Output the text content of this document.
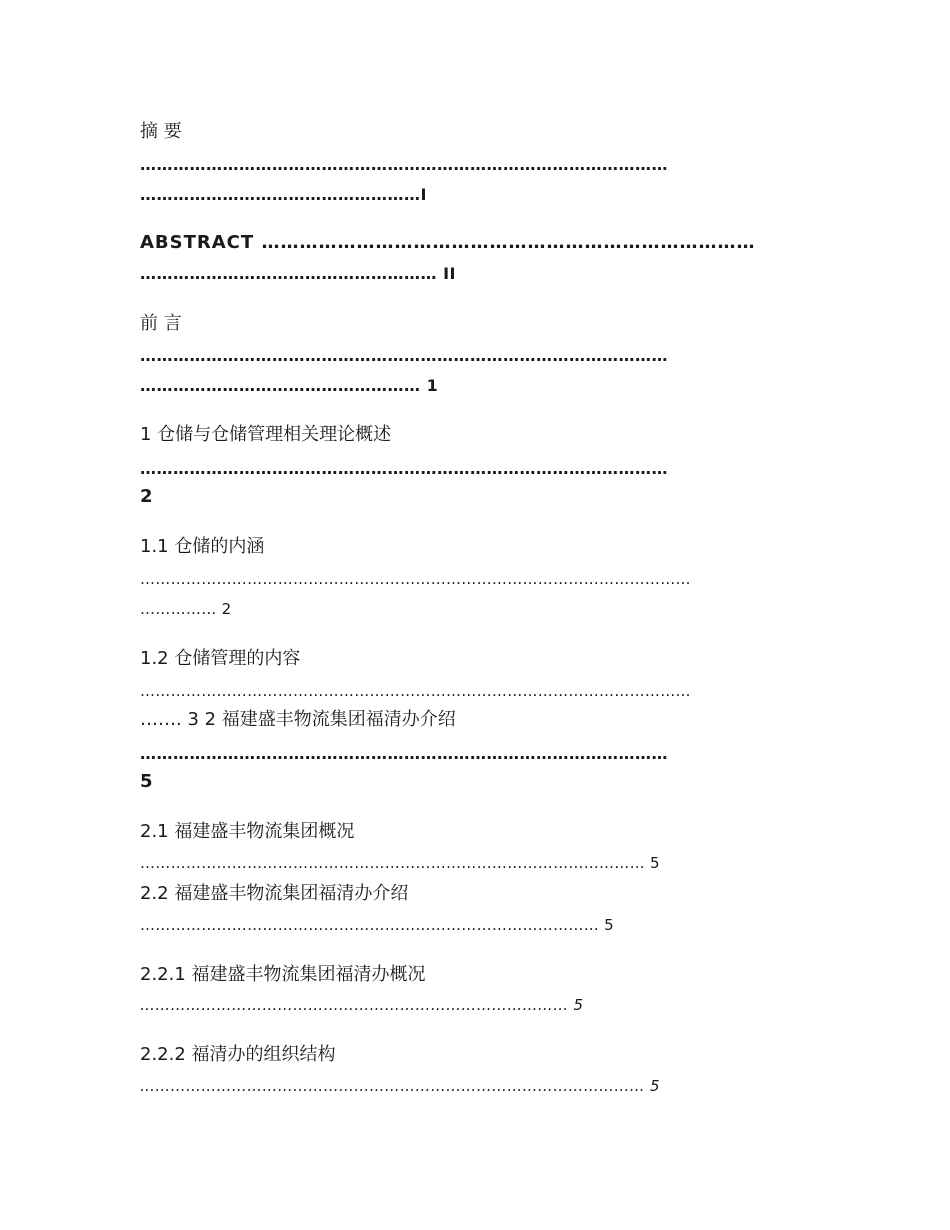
摘 要
……………………………………………………………………………………
……………………………………………I
ABSTRACT ……………………………………………………………………
……………………………………………… II
前 言
……………………………………………………………………………………
…………………………………………… 1
1 仓储与仓储管理相关理论概述
……………………………………………………………………………………
2
1.1 仓储的内涵
………………………………………………………………………………………………
…………… 2
1.2 仓储管理的内容
………………………………………………………………………………………………
……. 3 2 福建盛丰物流集团福清办介绍
……………………………………………………………………………………
5
2.1 福建盛丰物流集团概况
……………………………………………………………………………………… 5
2.2 福建盛丰物流集团福清办介绍
……………………………………………………………………………… 5
2.2.1 福建盛丰物流集团福清办概况
………………………………………………………………………… 5
2.2.2 福清办的组织结构
……………………………………………………………………………………… 5
